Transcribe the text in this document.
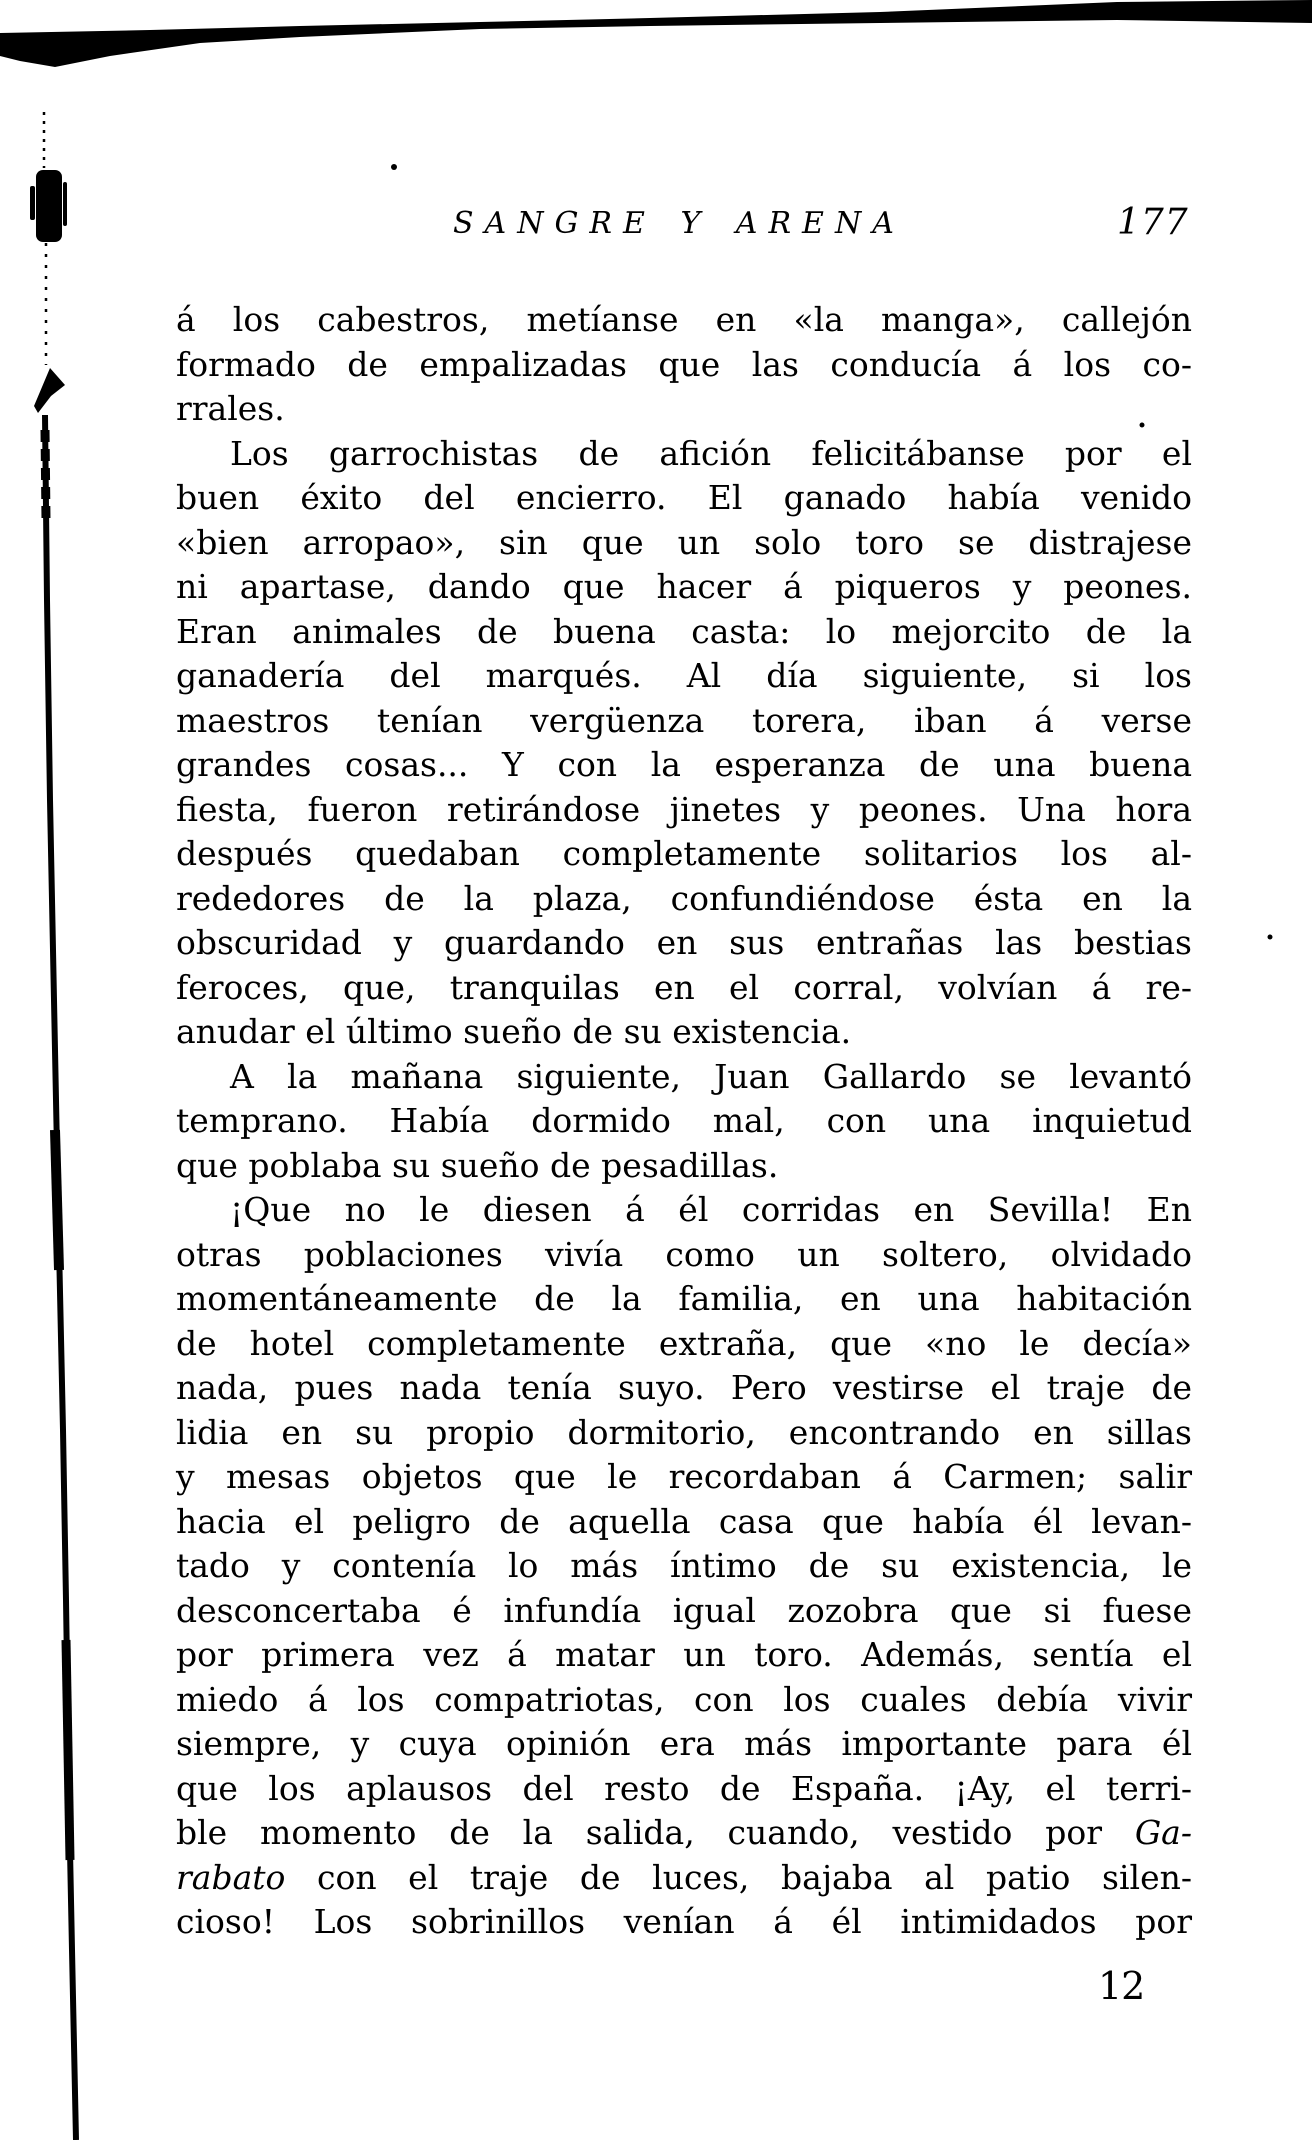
SANGRE Y ARENA	177
á los cabestros, metíanse en «la manga», callejón
formado de empalizadas que las conducía á los co-
rrales.
Los garrochistas de afición felicitábanse por el
buen éxito del encierro. El ganado había venido
«bien arropao», sin que un solo toro se distrajese
ni apartase, dando que hacer á piqueros y peones.
Eran animales de buena casta: lo mejorcito de la
ganadería del marqués. Al día siguiente, si los
maestros tenían vergüenza torera, iban á verse
grandes cosas... Y con la esperanza de una buena
fiesta, fueron retirándose jinetes y peones. Una hora
después quedaban completamente solitarios los al-
rededores de la plaza, confundiéndose ésta en la
obscuridad y guardando en sus entrañas las bestias
feroces, que, tranquilas en el corral, volvían á re-
anudar el último sueño de su existencia.
A la mañana siguiente, Juan Gallardo se levantó
temprano. Había dormido mal, con una inquietud
que poblaba su sueño de pesadillas.
¡Que no le diesen á él corridas en Sevilla! En
otras poblaciones vivía como un soltero, olvidado
momentáneamente de la familia, en una habitación
de hotel completamente extraña, que «no le decía»
nada, pues nada tenía suyo. Pero vestirse el traje de
lidia en su propio dormitorio, encontrando en sillas
y mesas objetos que le recordaban á Carmen; salir
hacia el peligro de aquella casa que había él levan-
tado y contenía lo más íntimo de su existencia, le
desconcertaba é infundía igual zozobra que si fuese
por primera vez á matar un toro. Además, sentía el
miedo á los compatriotas, con los cuales debía vivir
siempre, y cuya opinión era más importante para él
que los aplausos del resto de España. ¡Ay, el terri-
ble momento de la salida, cuando, vestido por Ga-
rabato con el traje de luces, bajaba al patio silen-
cioso! Los sobrinillos venían á él intimidados por
12
